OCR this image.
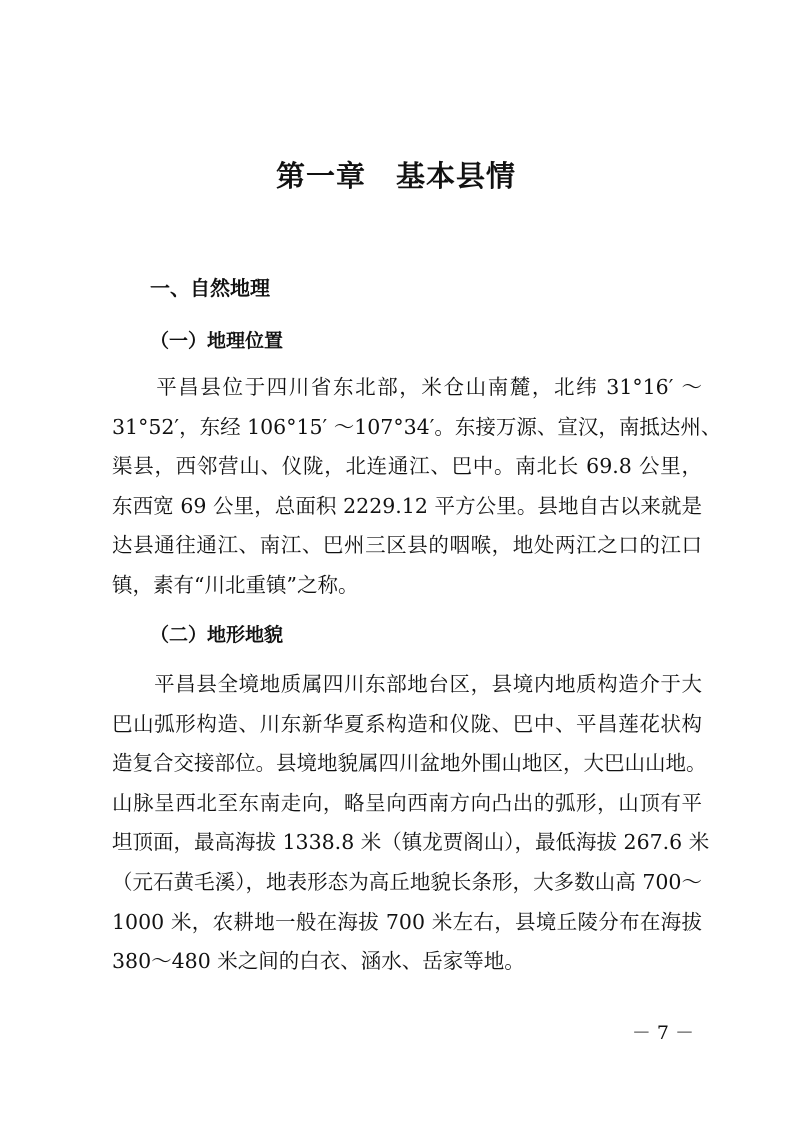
第一章　基本县情
一、自然地理
（一）地理位置

　　平昌县位于四川省东北部，米仓山南麓，北纬 31°16′ ～
31°52′，东经 106°15′ ～107°34′。东接万源、宣汉，南抵达州、
渠县，西邻营山、仪陇，北连通江、巴中。南北长 69.8 公里，
东西宽 69 公里，总面积 2229.12 平方公里。县地自古以来就是
达县通往通江、南江、巴州三区县的咽喉，地处两江之口的江口
镇，素有“川北重镇”之称。

（二）地形地貌

　　平昌县全境地质属四川东部地台区，县境内地质构造介于大
巴山弧形构造、川东新华夏系构造和仪陇、巴中、平昌莲花状构
造复合交接部位。县境地貌属四川盆地外围山地区，大巴山山地。
山脉呈西北至东南走向，略呈向西南方向凸出的弧形，山顶有平
坦顶面，最高海拔 1338.8 米（镇龙贾阁山），最低海拔 267.6 米
（元石黄毛溪），地表形态为高丘地貌长条形，大多数山高 700～
1000 米，农耕地一般在海拔 700 米左右，县境丘陵分布在海拔
380～480 米之间的白衣、涵水、岳家等地。

－ 7 －
